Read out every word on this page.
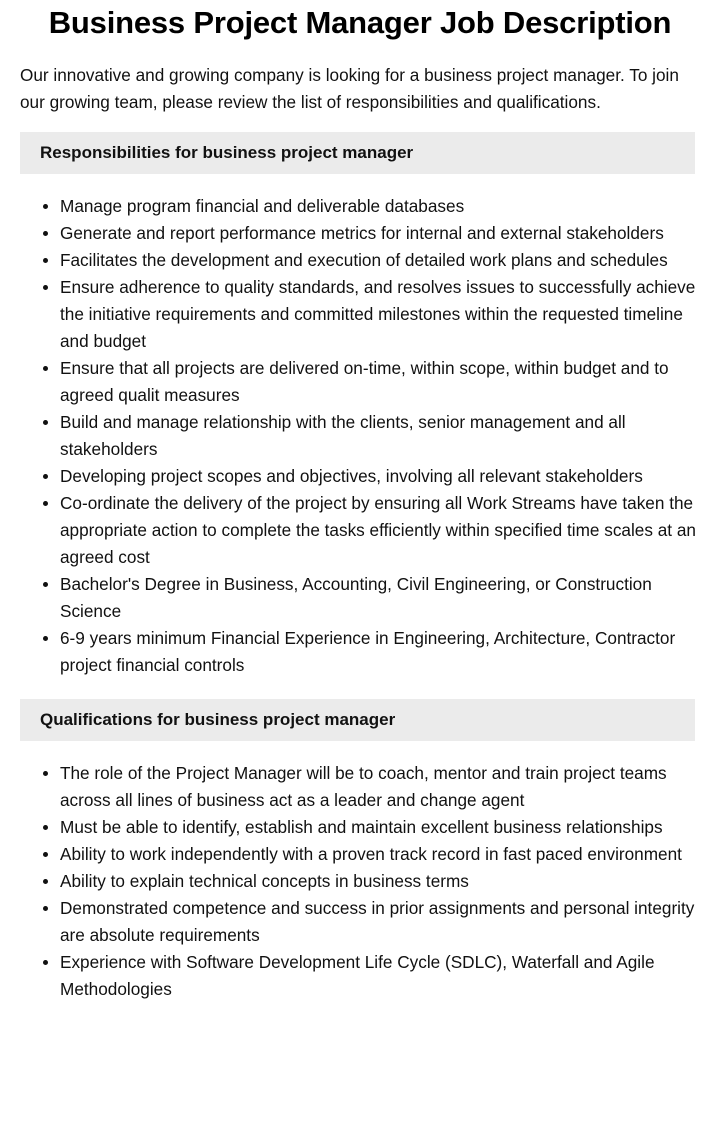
Business Project Manager Job Description

Our innovative and growing company is looking for a business project manager. To join our growing team, please review the list of responsibilities and qualifications.

Responsibilities for business project manager
Manage program financial and deliverable databases
Generate and report performance metrics for internal and external stakeholders
Facilitates the development and execution of detailed work plans and schedules
Ensure adherence to quality standards, and resolves issues to successfully achieve the initiative requirements and committed milestones within the requested timeline and budget
Ensure that all projects are delivered on-time, within scope, within budget and to agreed qualit measures
Build and manage relationship with the clients, senior management and all stakeholders
Developing project scopes and objectives, involving all relevant stakeholders
Co-ordinate the delivery of the project by ensuring all Work Streams have taken the appropriate action to complete the tasks efficiently within specified time scales at an agreed cost
Bachelor's Degree in Business, Accounting, Civil Engineering, or Construction Science
6-9 years minimum Financial Experience in Engineering, Architecture, Contractor project financial controls
Qualifications for business project manager
The role of the Project Manager will be to coach, mentor and train project teams across all lines of business act as a leader and change agent
Must be able to identify, establish and maintain excellent business relationships
Ability to work independently with a proven track record in fast paced environment
Ability to explain technical concepts in business terms
Demonstrated competence and success in prior assignments and personal integrity are absolute requirements
Experience with Software Development Life Cycle (SDLC), Waterfall and Agile Methodologies
